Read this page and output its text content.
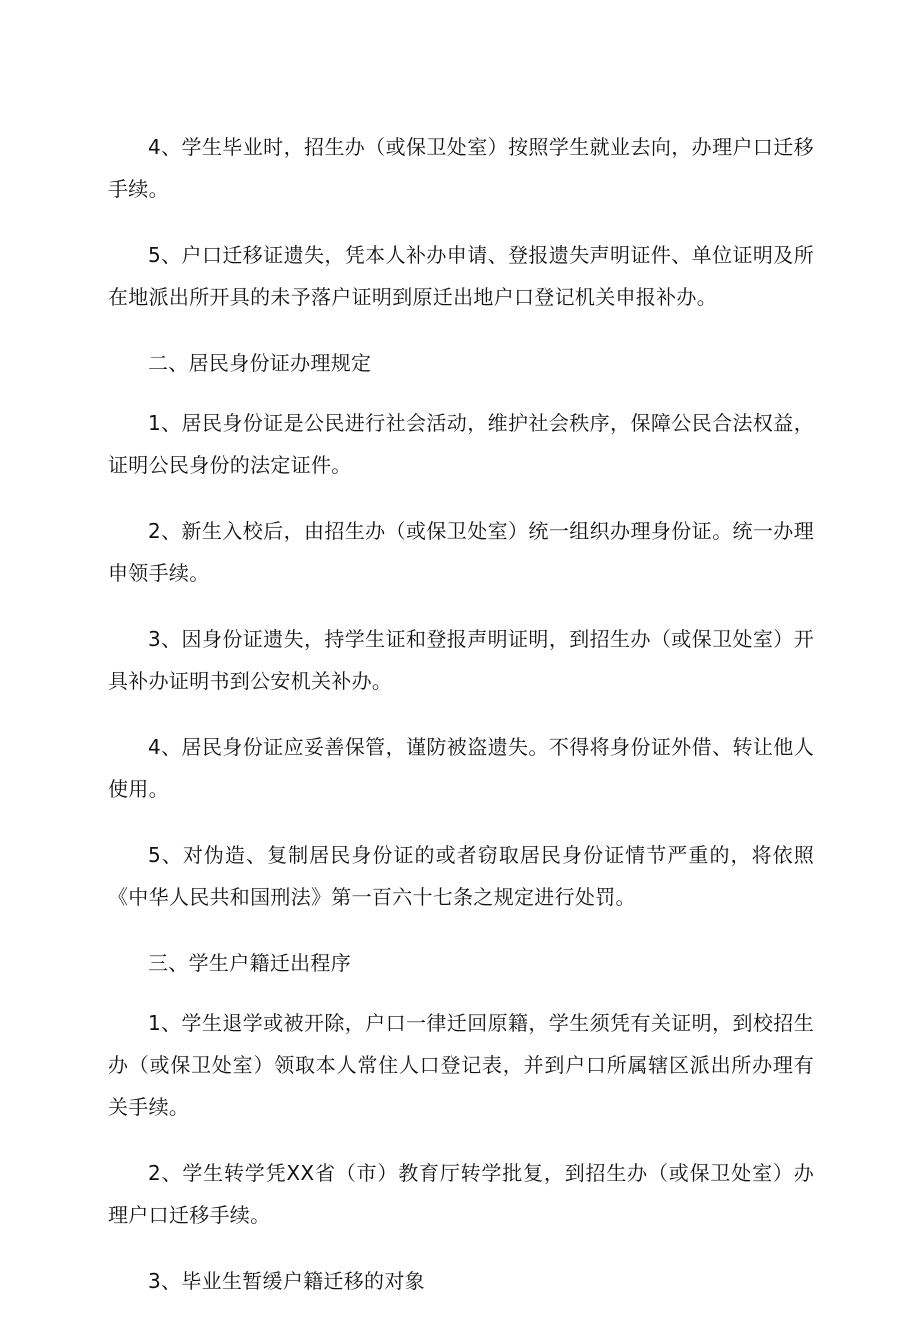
4、学生毕业时，招生办（或保卫处室）按照学生就业去向，办理户口迁移手续。

5、户口迁移证遗失，凭本人补办申请、登报遗失声明证件、单位证明及所在地派出所开具的未予落户证明到原迁出地户口登记机关申报补办。

二、居民身份证办理规定

1、居民身份证是公民进行社会活动，维护社会秩序，保障公民合法权益，证明公民身份的法定证件。

2、新生入校后，由招生办（或保卫处室）统一组织办理身份证。统一办理申领手续。

3、因身份证遗失，持学生证和登报声明证明，到招生办（或保卫处室）开具补办证明书到公安机关补办。

4、居民身份证应妥善保管，谨防被盗遗失。不得将身份证外借、转让他人使用。

5、对伪造、复制居民身份证的或者窃取居民身份证情节严重的，将依照《中华人民共和国刑法》第一百六十七条之规定进行处罚。

三、学生户籍迁出程序

1、学生退学或被开除，户口一律迁回原籍，学生须凭有关证明，到校招生办（或保卫处室）领取本人常住人口登记表，并到户口所属辖区派出所办理有关手续。

2、学生转学凭XX省（市）教育厅转学批复，到招生办（或保卫处室）办理户口迁移手续。

3、毕业生暂缓户籍迁移的对象
